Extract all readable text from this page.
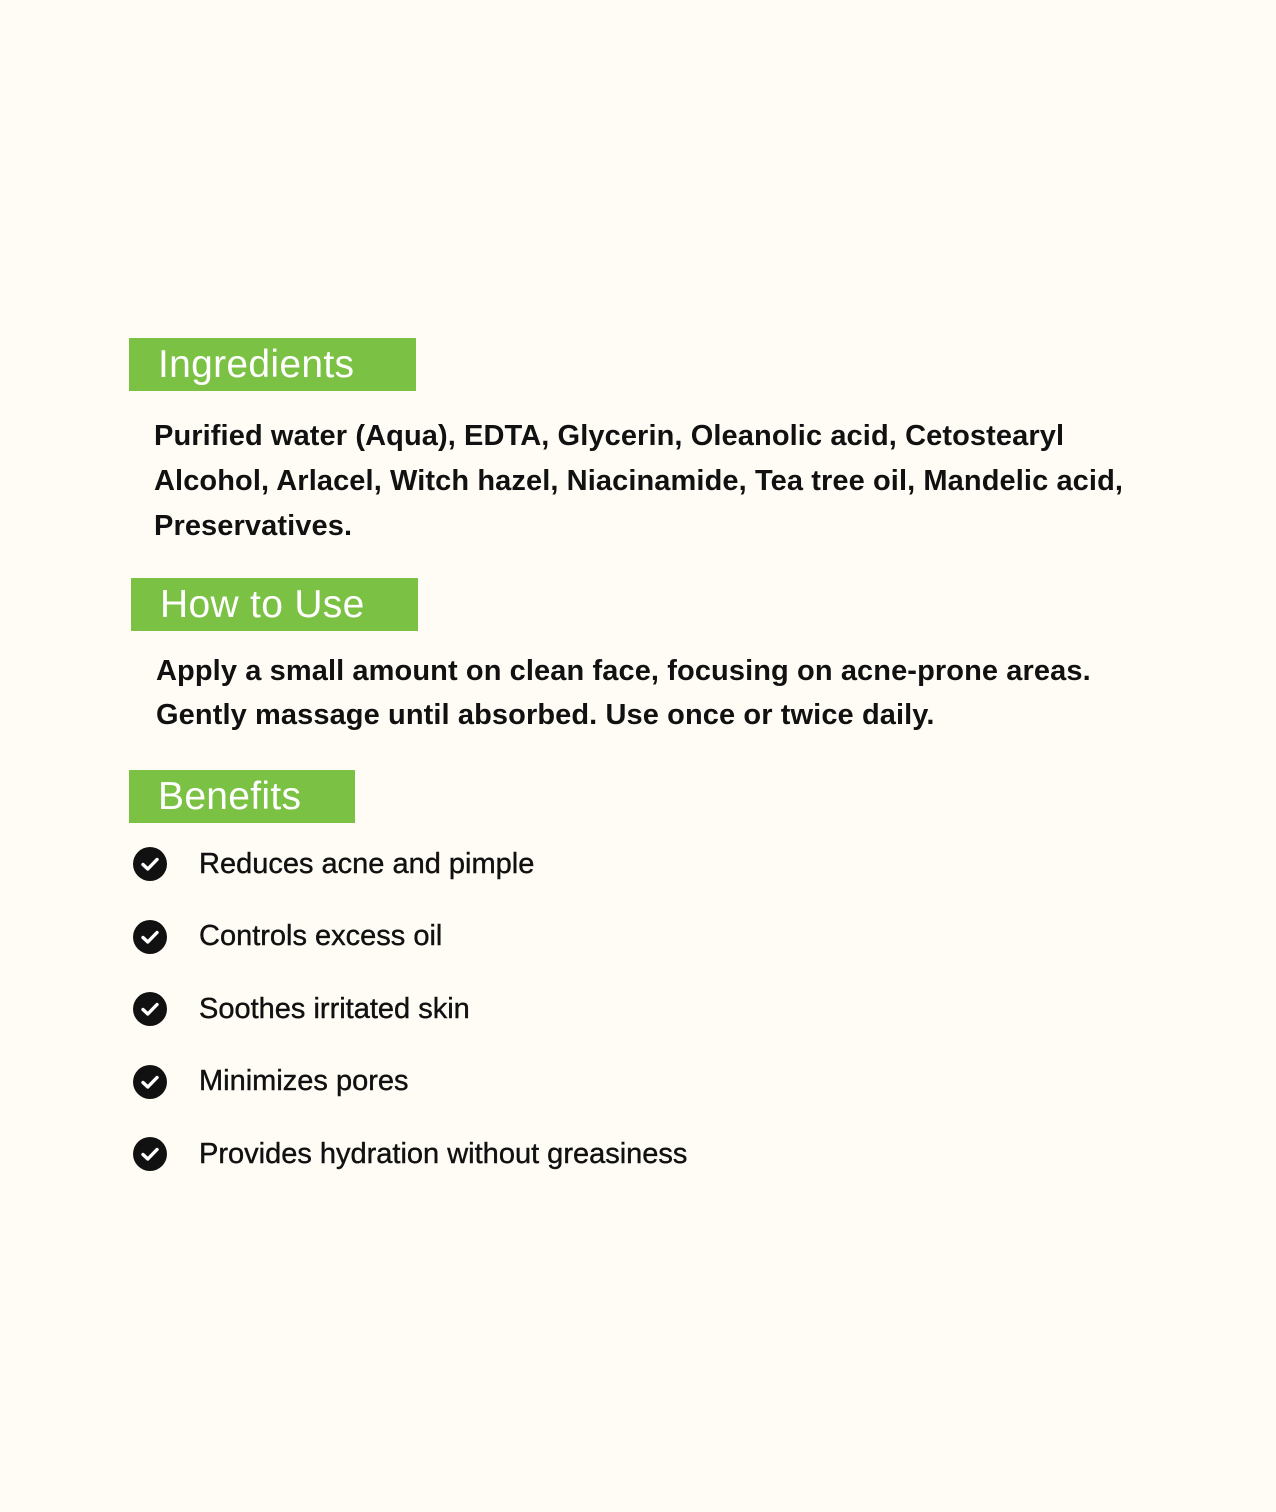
Ingredients
Purified water (Aqua), EDTA, Glycerin, Oleanolic acid, Cetostearyl Alcohol, Arlacel, Witch hazel, Niacinamide, Tea tree oil, Mandelic acid, Preservatives.
How to Use
Apply a small amount on clean face, focusing on acne-prone areas. Gently massage until absorbed. Use once or twice daily.
Benefits
Reduces acne and pimple
Controls excess oil
Soothes irritated skin
Minimizes pores
Provides hydration without greasiness
